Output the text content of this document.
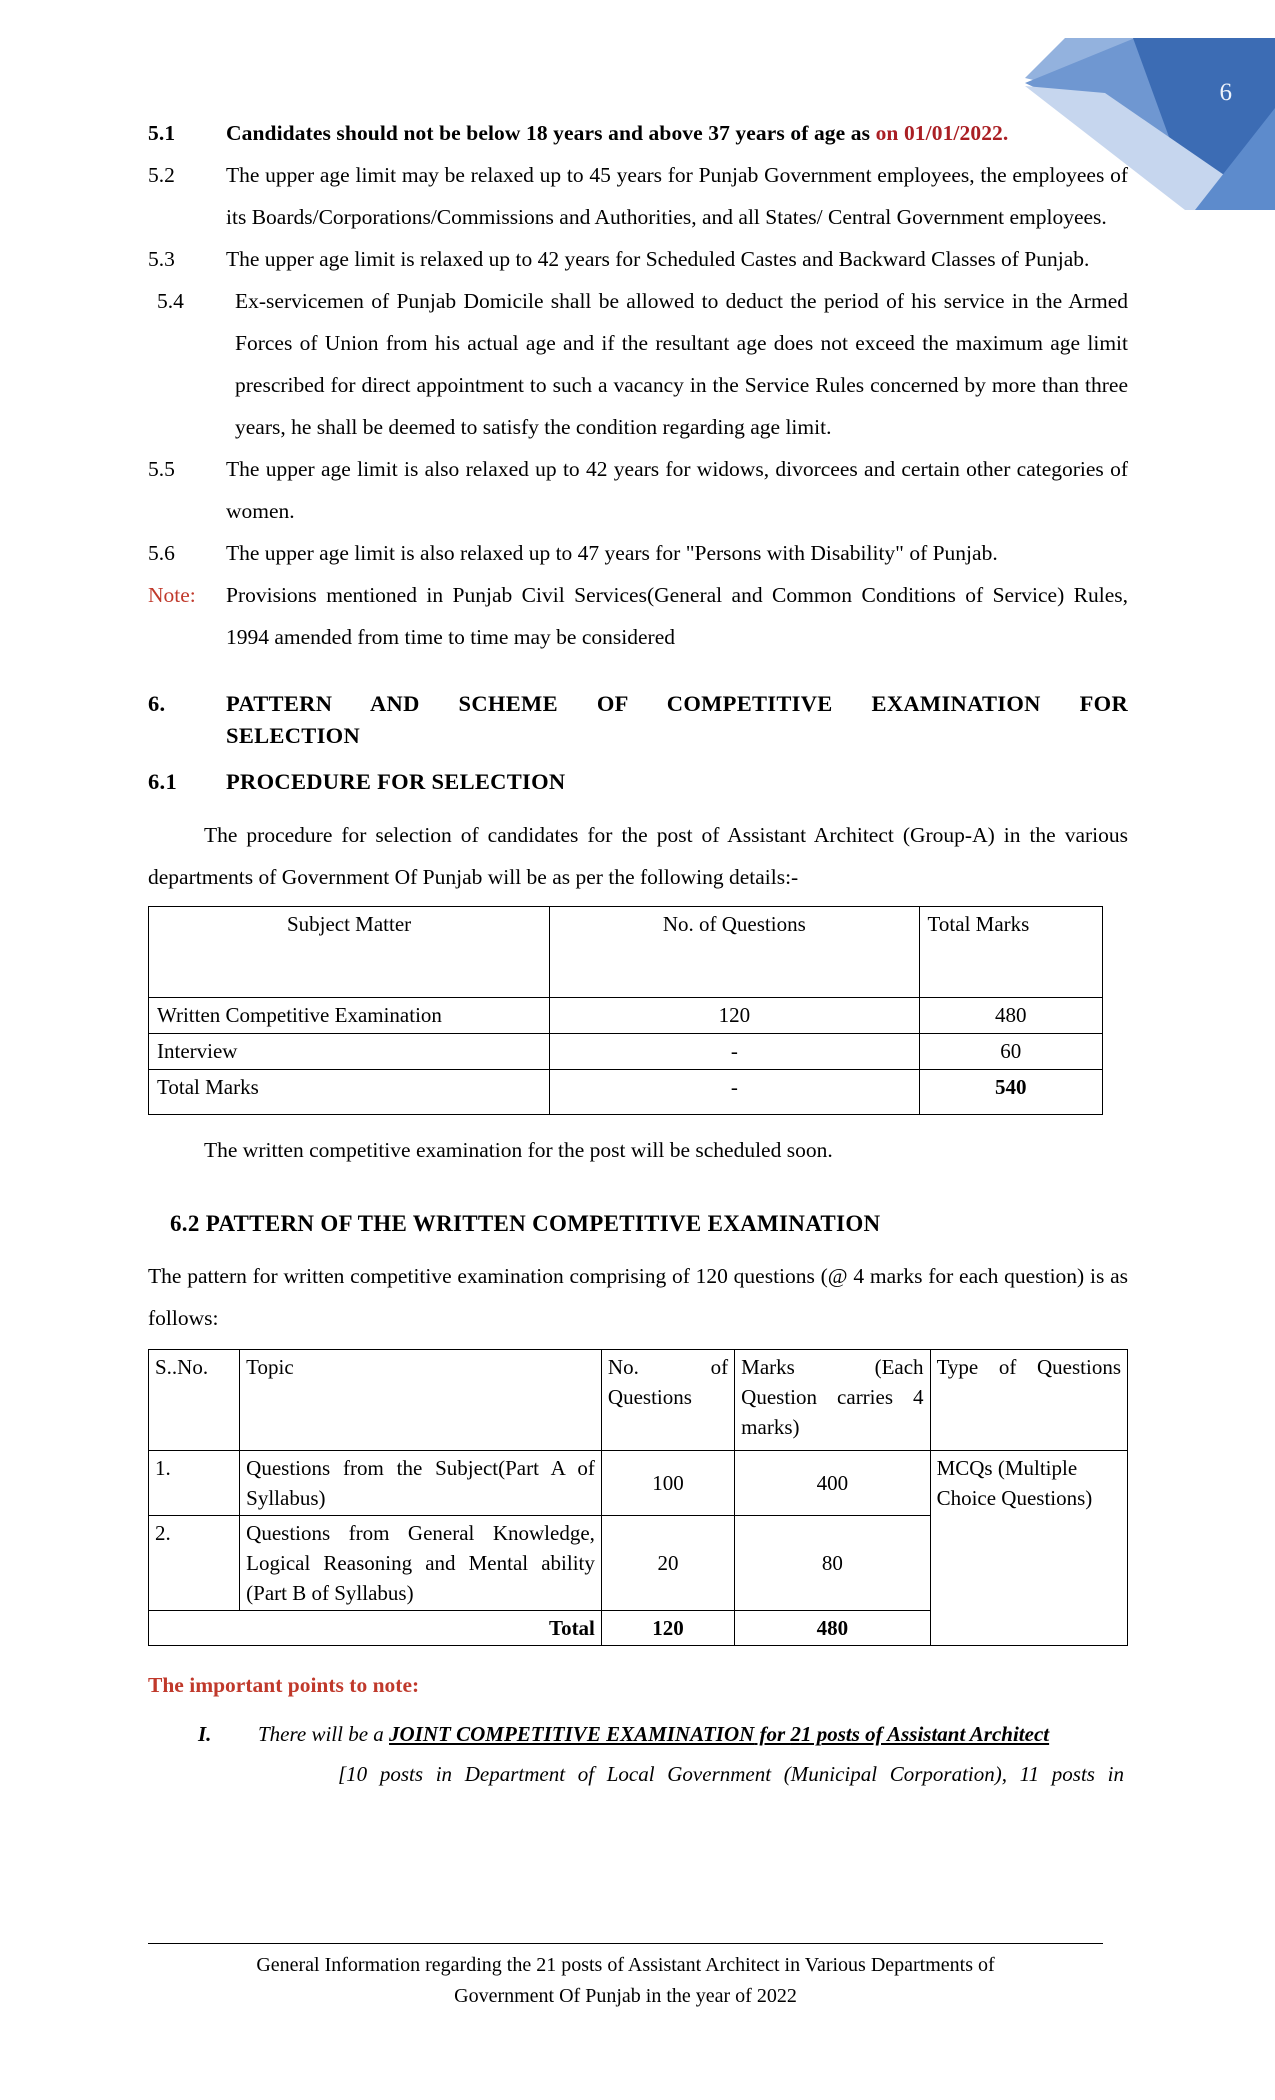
6
5.1	Candidates should not be below 18 years and above 37 years of age as on 01/01/2022.
5.2	The upper age limit may be relaxed up to 45 years for Punjab Government employees, the employees of its Boards/Corporations/Commissions and Authorities, and all States/ Central Government employees.
5.3	The upper age limit is relaxed up to 42 years for Scheduled Castes and Backward Classes of Punjab.
5.4	Ex-servicemen of Punjab Domicile shall be allowed to deduct the period of his service in the Armed Forces of Union from his actual age and if the resultant age does not exceed the maximum age limit prescribed for direct appointment to such a vacancy in the Service Rules concerned by more than three years, he shall be deemed to satisfy the condition regarding age limit.
5.5	The upper age limit is also relaxed up to 42 years for widows, divorcees and certain other categories of women.
5.6	The upper age limit is also relaxed up to 47 years for "Persons with Disability" of Punjab.
Note:	Provisions mentioned in Punjab Civil Services(General and Common Conditions of Service) Rules, 1994 amended from time to time may be considered
6.	PATTERN AND SCHEME OF COMPETITIVE EXAMINATION FOR
SELECTION
6.1	PROCEDURE FOR SELECTION
The procedure for selection of candidates for the post of Assistant Architect (Group-A) in the various departments of Government Of Punjab will be as per the following details:-
Subject Matter	No. of Questions	Total Marks
Written Competitive Examination	120	480
Interview	-	60
Total Marks	-	540
The written competitive examination for the post will be scheduled soon.
6.2 PATTERN OF THE WRITTEN COMPETITIVE EXAMINATION
The pattern for written competitive examination comprising of 120 questions (@ 4 marks for each question) is as follows:
S..No.	Topic	No. of Questions	Marks (Each Question carries 4 marks)	Type of Questions
1.	Questions from the Subject(Part A of Syllabus)	100	400	MCQs (Multiple Choice Questions)
2.	Questions from General Knowledge, Logical Reasoning and Mental ability (Part B of Syllabus)	20	80	
Total		120	480	
The important points to note:
I.	There will be a JOINT COMPETITIVE EXAMINATION for 21 posts of Assistant Architect
[10 posts in Department of Local Government (Municipal Corporation), 11 posts in
General Information regarding the 21 posts of Assistant Architect in Various Departments of
Government Of Punjab in the year of 2022
